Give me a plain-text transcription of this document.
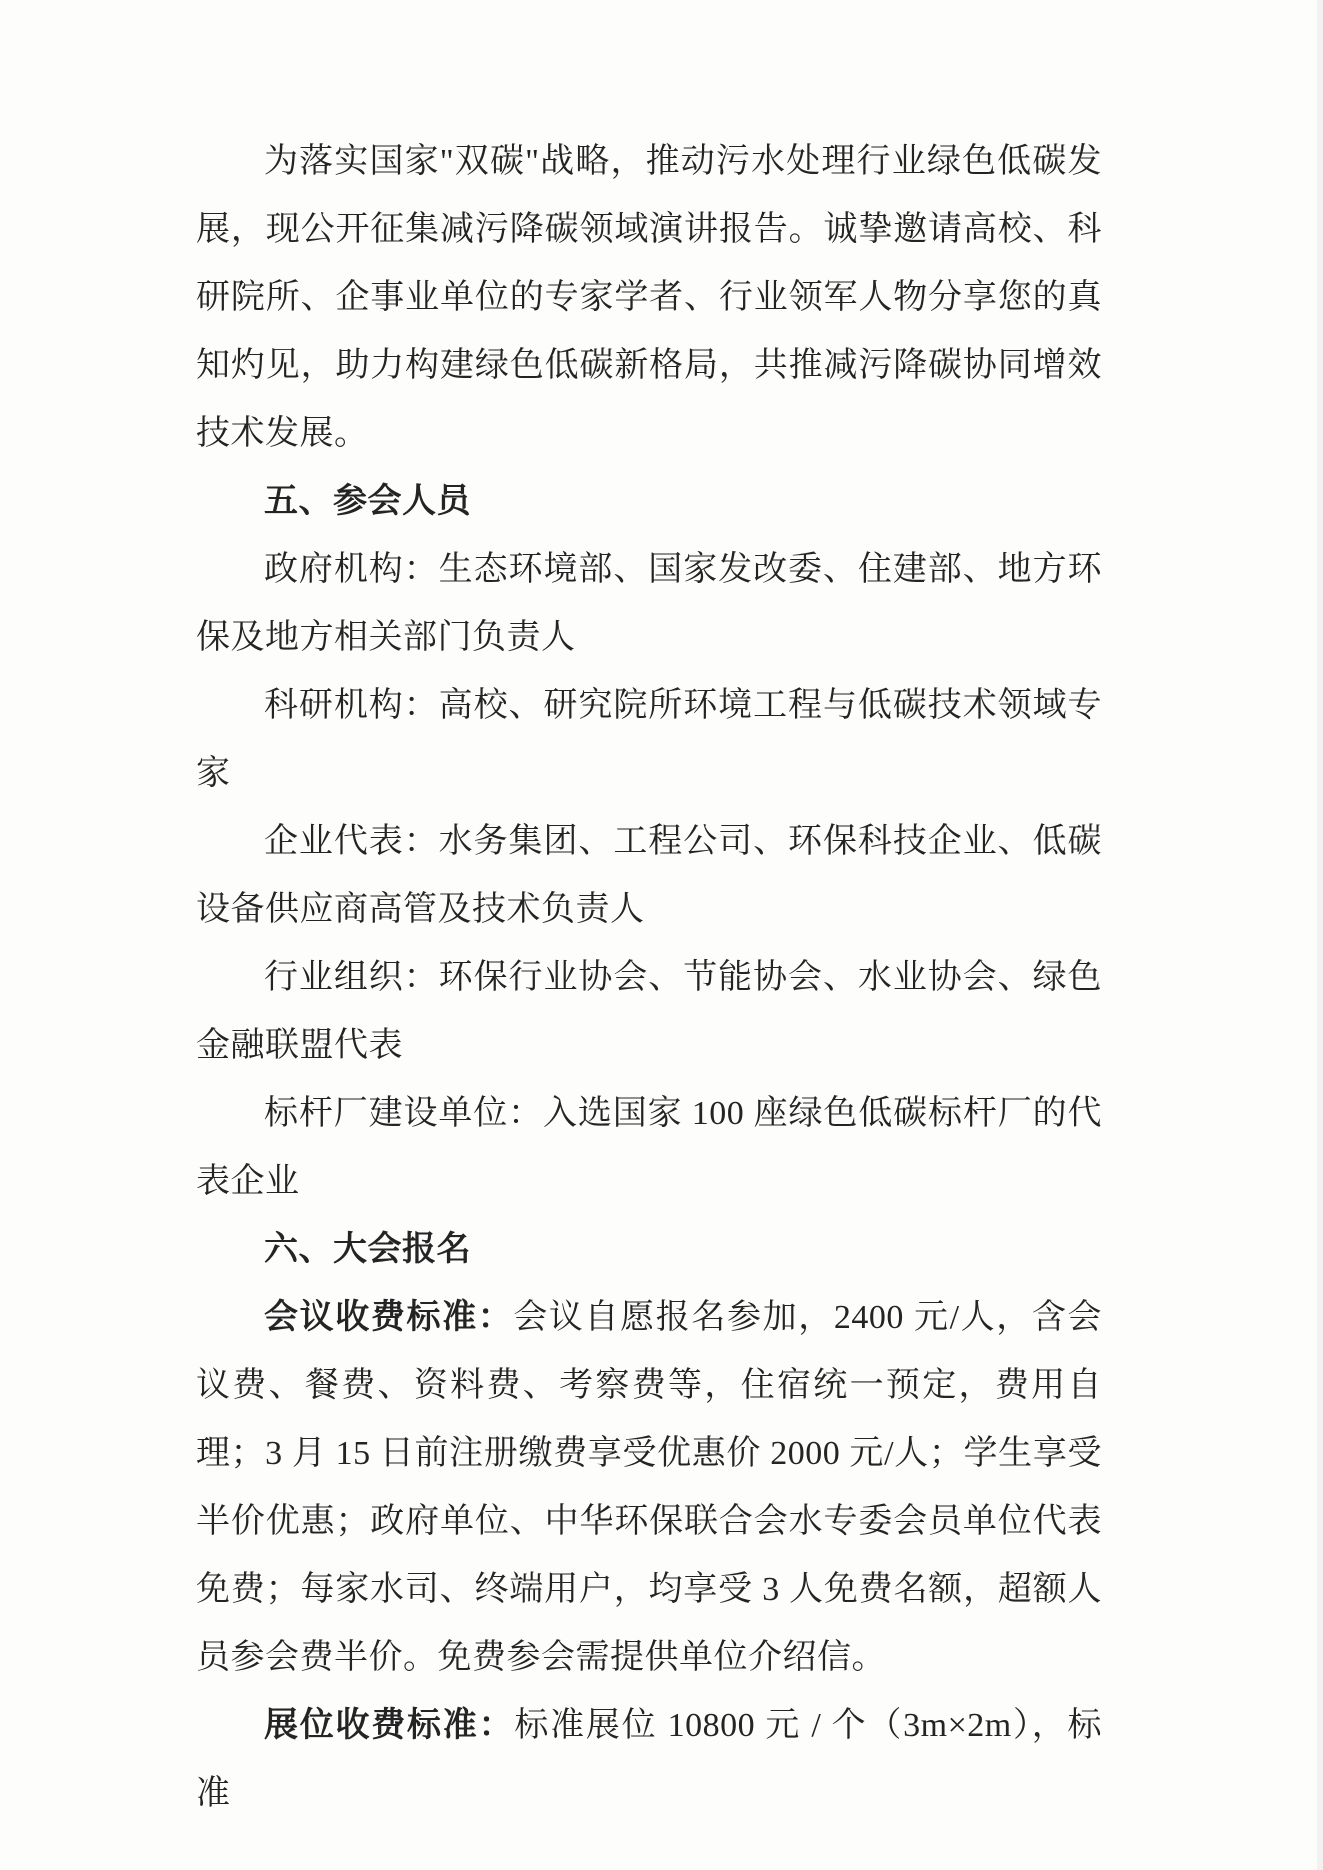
为落实国家"双碳"战略，推动污水处理行业绿色低碳发展，现公开征集减污降碳领域演讲报告。诚挚邀请高校、科研院所、企事业单位的专家学者、行业领军人物分享您的真知灼见，助力构建绿色低碳新格局，共推减污降碳协同增效技术发展。

五、参会人员

政府机构：生态环境部、国家发改委、住建部、地方环保及地方相关部门负责人

科研机构：高校、研究院所环境工程与低碳技术领域专家

企业代表：水务集团、工程公司、环保科技企业、低碳设备供应商高管及技术负责人

行业组织：环保行业协会、节能协会、水业协会、绿色金融联盟代表

标杆厂建设单位：入选国家 100 座绿色低碳标杆厂的代表企业

六、大会报名

会议收费标准：会议自愿报名参加，2400 元/人，含会议费、餐费、资料费、考察费等，住宿统一预定，费用自理；3 月 15 日前注册缴费享受优惠价 2000 元/人；学生享受半价优惠；政府单位、中华环保联合会水专委会员单位代表免费；每家水司、终端用户，均享受 3 人免费名额，超额人员参会费半价。免费参会需提供单位介绍信。

展位收费标准：标准展位 10800 元 / 个（3m×2m），标准
